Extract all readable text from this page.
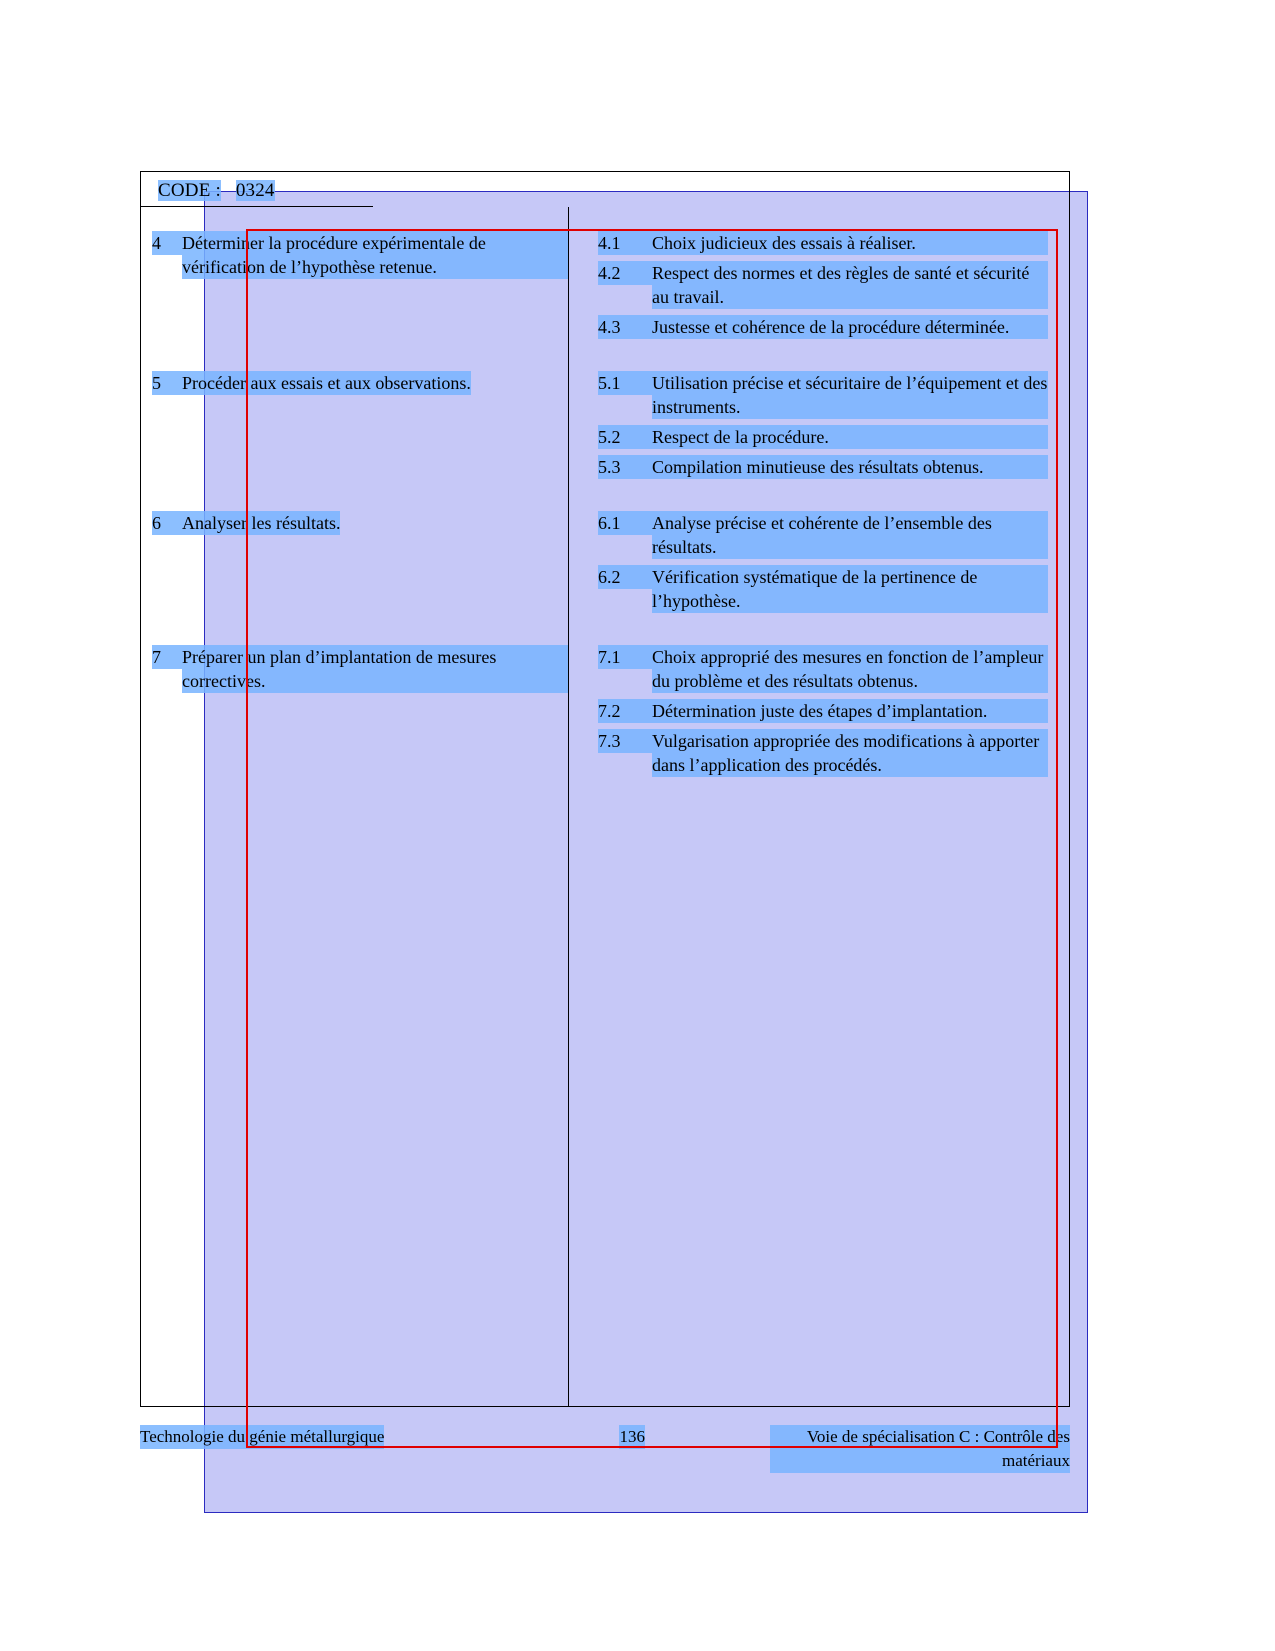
CODE : 0324
4	Déterminer la procédure expérimentale de vérification de l’hypothèse retenue.
4.1	Choix judicieux des essais à réaliser.
4.2	Respect des normes et des règles de santé et sécurité au travail.
4.3	Justesse et cohérence de la procédure déterminée.
5	Procéder aux essais et aux observations.	5.1	Utilisation précise et sécuritaire de l’équipement et des instruments.
5.2	Respect de la procédure.
5.3	Compilation minutieuse des résultats obtenus.
6	Analyser les résultats.	6.1	Analyse précise et cohérente de l’ensemble des résultats.
6.2	Vérification systématique de la pertinence de l’hypothèse.
7	Préparer un plan d’implantation de mesures correctives.
7.1	Choix approprié des mesures en fonction de l’ampleur du problème et des résultats obtenus.
7.2	Détermination juste des étapes d’implantation.
7.3	Vulgarisation appropriée des modifications à apporter dans l’application des procédés.
Technologie du génie métallurgique	136	Voie de spécialisation C : Contrôle des matériaux
